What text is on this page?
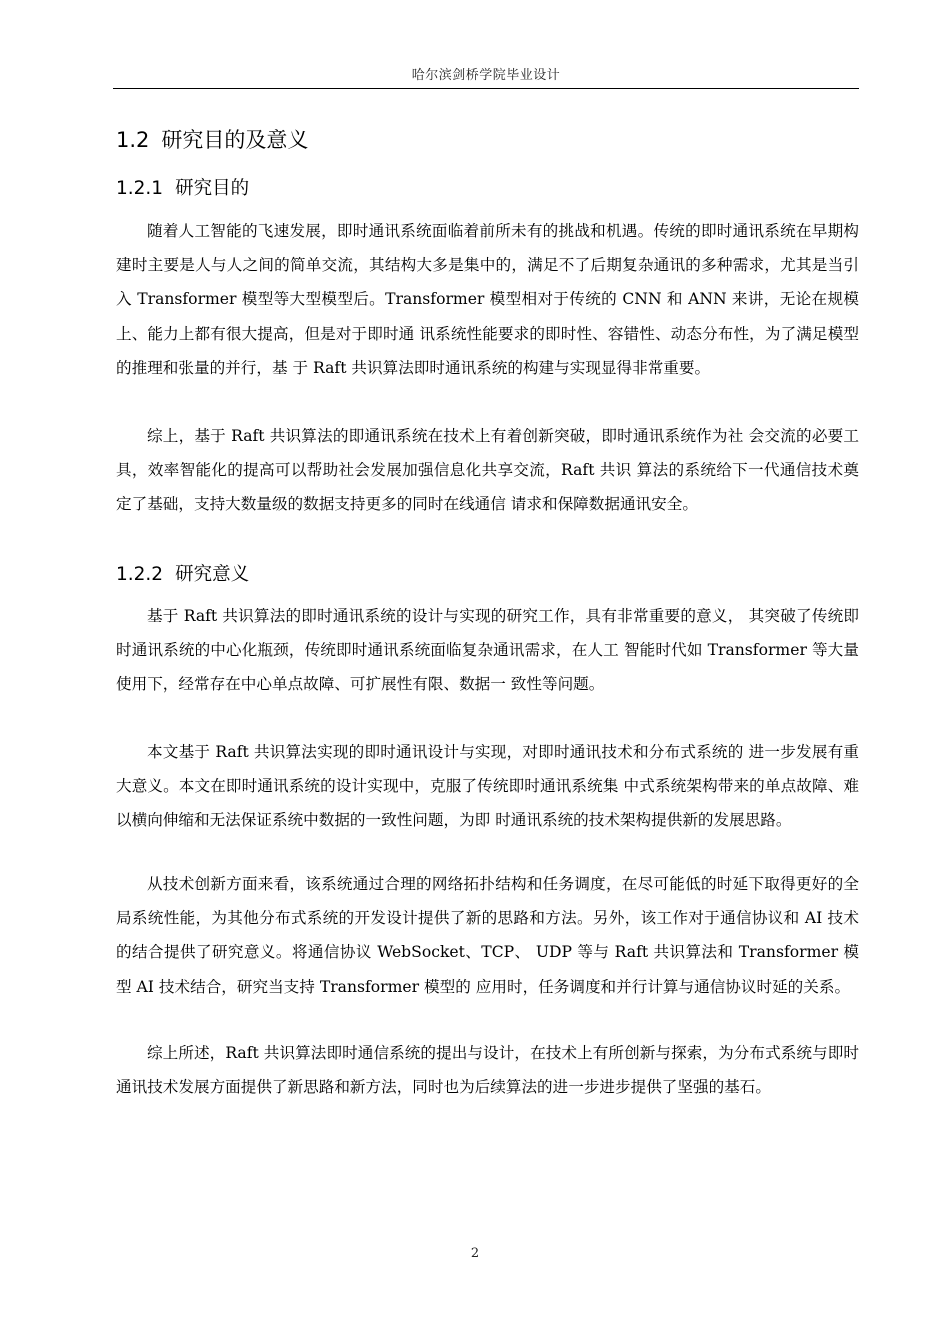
哈尔滨剑桥学院毕业设计
1.2 研究目的及意义
1.2.1 研究目的

随着人工智能的飞速发展，即时通讯系统面临着前所未有的挑战和机遇。传统的即时通讯系统在早期构建时主要是人与人之间的简单交流，其结构大多是集中的，满足不了后期复杂通讯的多种需求，尤其是当引入 Transformer 模型等大型模型后。Transformer 模型相对于传统的 CNN 和 ANN 来讲，无论在规模上、能力上都有很大提高，但是对于即时通 讯系统性能要求的即时性、容错性、动态分布性，为了满足模型的推理和张量的并行，基 于 Raft 共识算法即时通讯系统的构建与实现显得非常重要。

综上，基于 Raft 共识算法的即通讯系统在技术上有着创新突破，即时通讯系统作为社 会交流的必要工具，效率智能化的提高可以帮助社会发展加强信息化共享交流，Raft 共识 算法的系统给下一代通信技术奠定了基础，支持大数量级的数据支持更多的同时在线通信 请求和保障数据通讯安全。

1.2.2 研究意义

基于 Raft 共识算法的即时通讯系统的设计与实现的研究工作，具有非常重要的意义， 其突破了传统即时通讯系统的中心化瓶颈，传统即时通讯系统面临复杂通讯需求，在人工 智能时代如 Transformer 等大量使用下，经常存在中心单点故障、可扩展性有限、数据一 致性等问题。

本文基于 Raft 共识算法实现的即时通讯设计与实现，对即时通讯技术和分布式系统的 进一步发展有重大意义。本文在即时通讯系统的设计实现中，克服了传统即时通讯系统集 中式系统架构带来的单点故障、难以横向伸缩和无法保证系统中数据的一致性问题，为即 时通讯系统的技术架构提供新的发展思路。

从技术创新方面来看，该系统通过合理的网络拓扑结构和任务调度，在尽可能低的时延下取得更好的全局系统性能，为其他分布式系统的开发设计提供了新的思路和方法。另外，该工作对于通信协议和 AI 技术的结合提供了研究意义。将通信协议 WebSocket、TCP、 UDP 等与 Raft 共识算法和 Transformer 模型 AI 技术结合，研究当支持 Transformer 模型的 应用时，任务调度和并行计算与通信协议时延的关系。

综上所述，Raft 共识算法即时通信系统的提出与设计，在技术上有所创新与探索，为分布式系统与即时通讯技术发展方面提供了新思路和新方法，同时也为后续算法的进一步进步提供了坚强的基石。

2
